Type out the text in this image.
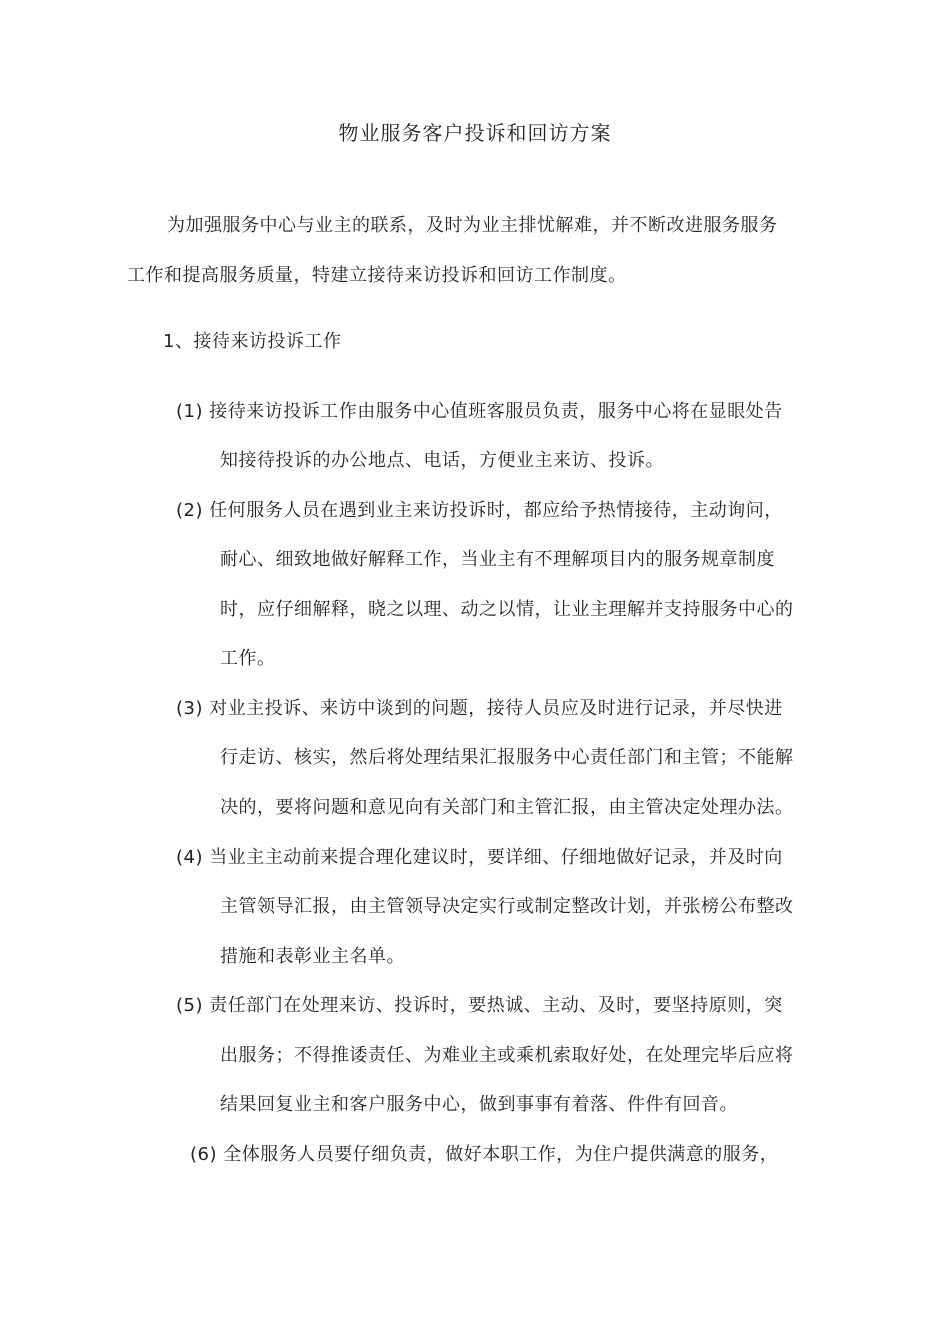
物业服务客户投诉和回访方案
为加强服务中心与业主的联系，及时为业主排忧解难，并不断改进服务服务
工作和提高服务质量，特建立接待来访投诉和回访工作制度。
1、接待来访投诉工作
(1) 接待来访投诉工作由服务中心值班客服员负责，服务中心将在显眼处告
知接待投诉的办公地点、电话，方便业主来访、投诉。
(2) 任何服务人员在遇到业主来访投诉时，都应给予热情接待，主动询问，
耐心、细致地做好解释工作，当业主有不理解项目内的服务规章制度
时，应仔细解释，晓之以理、动之以情，让业主理解并支持服务中心的
工作。
(3) 对业主投诉、来访中谈到的问题，接待人员应及时进行记录，并尽快进
行走访、核实，然后将处理结果汇报服务中心责任部门和主管；不能解
决的，要将问题和意见向有关部门和主管汇报，由主管决定处理办法。
(4) 当业主主动前来提合理化建议时，要详细、仔细地做好记录，并及时向
主管领导汇报，由主管领导决定实行或制定整改计划，并张榜公布整改
措施和表彰业主名单。
(5) 责任部门在处理来访、投诉时，要热诚、主动、及时，要坚持原则，突
出服务；不得推诿责任、为难业主或乘机索取好处，在处理完毕后应将
结果回复业主和客户服务中心，做到事事有着落、件件有回音。
(6) 全体服务人员要仔细负责，做好本职工作，为住户提供满意的服务，
